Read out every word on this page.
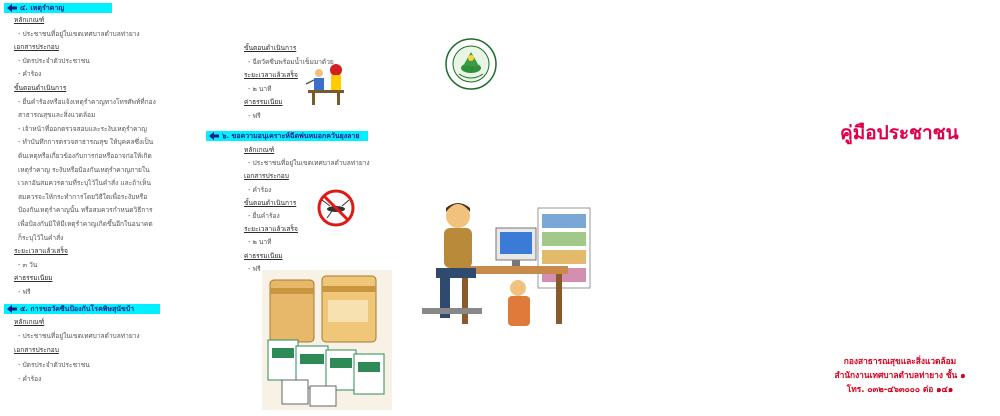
๔. เหตุรำคาญ
หลักเกณฑ์
- ประชาชนที่อยู่ในเขตเทศบาลตำบลท่ายาง
เอกสารประกอบ
- บัตรประจำตัวประชาชน
- คำร้อง
ขั้นตอนดำเนินการ
- ยื่นคำร้องหรือแจ้งเหตุรำคาญทางโทรศัพท์ที่กอง
สาธารณสุขและสิ่งแวดล้อม
- เจ้าหน้าที่ออกตรวจสอบและระงับเหตุรำคาญ
- ทำบันทึกการตรวจสาธารณสุข ให้บุคคลซึ่งเป็น
ต้นเหตุหรือเกี่ยวข้องกับการก่อหรืออาจก่อให้เกิด
เหตุรำคาญ ระงับหรือป้องกันเหตุรำคาญภายใน
เวลาอันสมควรตามที่ระบุไว้ในคำสั่ง และถ้าเห็น
สมควรจะให้กระทำการโดยวิธีใดเพื่อระงับหรือ
ป้องกันเหตุรำคาญนั้น หรือสมควรกำหนดวิธีการ
เพื่อป้องกันมิให้มีเหตุรำคาญเกิดขึ้นอีกในอนาคต
ก็ระบุไว้ในคำสั่ง
ระยะเวลาแล้วเสร็จ
- ๓ วัน
ค่าธรรมเนียม
- ฟรี
๕. การขอวัคซีนป้องกันโรคพิษสุนัขบ้า
หลักเกณฑ์
- ประชาชนที่อยู่ในเขตเทศบาลตำบลท่ายาง
เอกสารประกอบ
- บัตรประจำตัวประชาชน
- คำร้อง
ขั้นตอนดำเนินการ
- ฉีดวัคซีนพร้อมน้ำเข็มมาด้วย
ระยะเวลาแล้วเสร็จ
- ๒ นาที
ค่าธรรมเนียม
- ฟรี
๖. ขอความอนุเคราะห์ฉีดพ่นหมอกควันยุงลาย
หลักเกณฑ์
- ประชาชนที่อยู่ในเขตเทศบาลตำบลท่ายาง
เอกสารประกอบ
- คำร้อง
ขั้นตอนดำเนินการ
- ยื่นคำร้อง
ระยะเวลาแล้วเสร็จ
- ๒ นาที
ค่าธรรมเนียม
- ฟรี
คู่มือประชาชน
กองสาธารณสุขและสิ่งแวดล้อม
สำนักงานเทศบาลตำบลท่ายาง ชั้น ๑
โทร. ๐๓๒-๔๖๓๐๐๐ ต่อ ๑๔๑
